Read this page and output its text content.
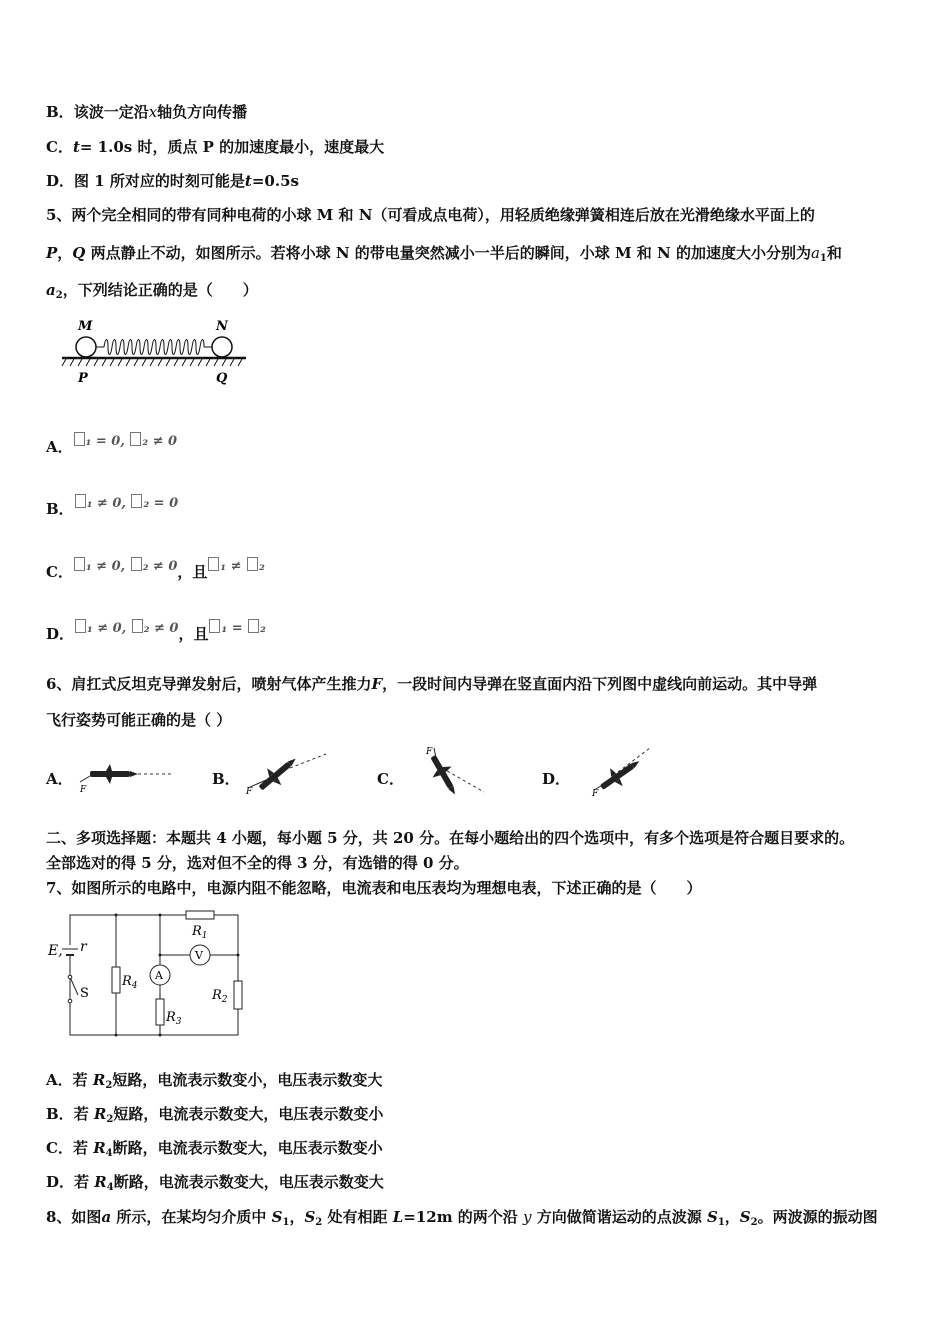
B．该波一定沿x轴负方向传播
C．t= 1.0s 时，质点 P 的加速度最小，速度最大
D．图 1 所对应的时刻可能是t=0.5s
5、两个完全相同的带有同种电荷的小球 M 和 N（可看成点电荷），用轻质绝缘弹簧相连后放在光滑绝缘水平面上的
P，Q 两点静止不动，如图所示。若将小球 N 的带电量突然减小一半后的瞬间，小球 M 和 N 的加速度大小分别为$a_1$和
$a_2$，下列结论正确的是（　　）
M	N
P	Q
A． ₁ = 0, ₂ ≠ 0
B． ₁ ≠ 0, ₂ = 0
C． ₁ ≠ 0, ₂ ≠ 0，且 ₁ ≠ ₂
D． ₁ ≠ 0, ₂ ≠ 0，且 ₁ = ₂
6、肩扛式反坦克导弹发射后，喷射气体产生推力F，一段时间内导弹在竖直面内沿下列图中虚线向前运动。其中导弹
飞行姿势可能正确的是（ ）
A．
F
B．
F
C．
F
D．
F
二、多项选择题：本题共 4 小题，每小题 5 分，共 20 分。在每小题给出的四个选项中，有多个选项是符合题目要求的。
全部选对的得 5 分，选对但不全的得 3 分，有选错的得 0 分。
7、如图所示的电路中，电源内阻不能忽略，电流表和电压表均为理想电表，下述正确的是（　　）
E, r
S
$R_4$
$R_3$
$R_1$
$R_2$
V
A
A．若 $R_2$短路，电流表示数变小，电压表示数变大
B．若 $R_2$短路，电流表示数变大，电压表示数变小
C．若 $R_4$断路，电流表示数变大，电压表示数变小
D．若 $R_4$断路，电流表示数变大，电压表示数变大
8、如图a 所示，在某均匀介质中 $S_1$，$S_2$ 处有相距 L=12m 的两个沿 y 方向做简谐运动的点波源 $S_1$，$S_2$。两波源的振动图
